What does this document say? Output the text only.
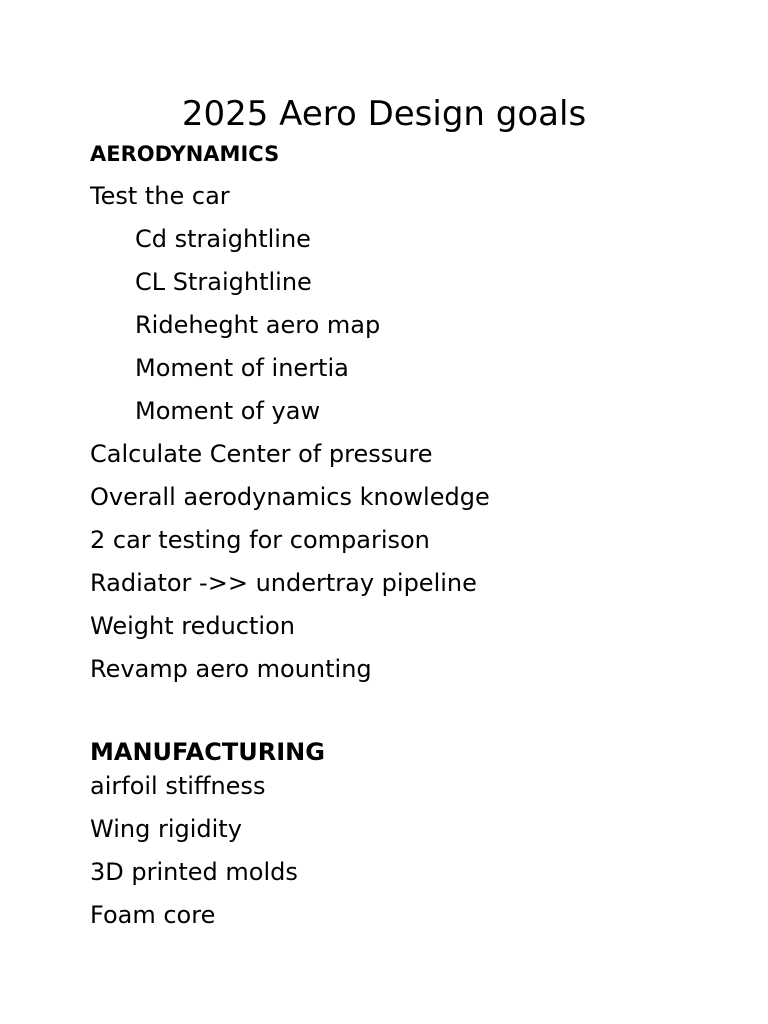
2025 Aero Design goals
AERODYNAMICS
Test the car
Cd straightline
CL Straightline
Rideheght aero map
Moment of inertia
Moment of yaw
Calculate Center of pressure
Overall aerodynamics knowledge
2 car testing for comparison
Radiator ->> undertray pipeline
Weight reduction
Revamp aero mounting
MANUFACTURING
airfoil stiffness
Wing rigidity
3D printed molds
Foam core
